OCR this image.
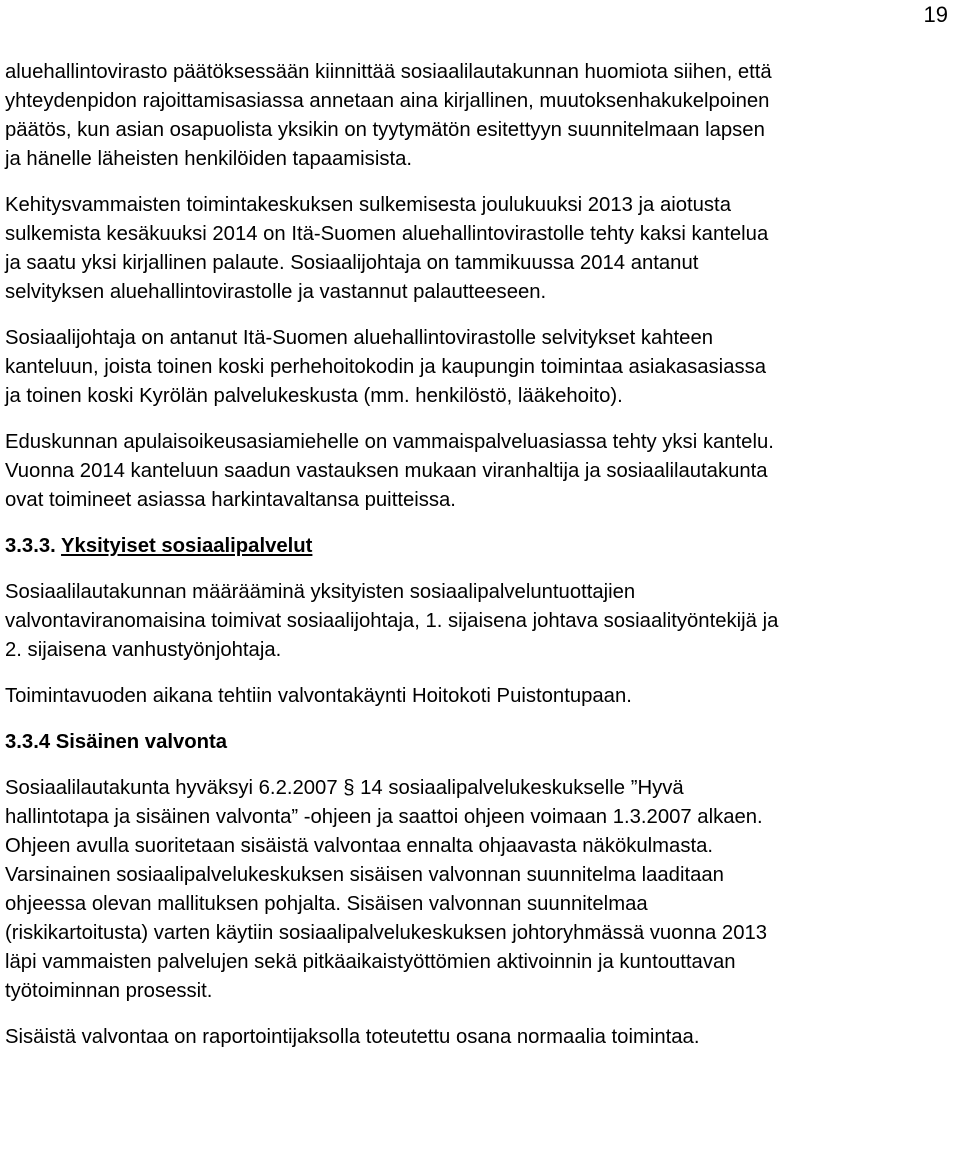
19
aluehallintovirasto päätöksessään kiinnittää sosiaalilautakunnan huomiota siihen, että
yhteydenpidon rajoittamisasiassa annetaan aina kirjallinen, muutoksenhakukelpoinen
päätös, kun asian osapuolista yksikin on tyytymätön esitettyyn suunnitelmaan lapsen
ja hänelle läheisten henkilöiden tapaamisista.
Kehitysvammaisten toimintakeskuksen sulkemisesta joulukuuksi 2013 ja aiotusta
sulkemista kesäkuuksi 2014 on Itä-Suomen aluehallintovirastolle tehty kaksi kantelua
ja saatu yksi kirjallinen palaute. Sosiaalijohtaja on tammikuussa 2014 antanut
selvityksen aluehallintovirastolle ja vastannut palautteeseen.
Sosiaalijohtaja on antanut Itä-Suomen aluehallintovirastolle selvitykset kahteen
kanteluun, joista toinen koski perhehoitokodin ja kaupungin toimintaa asiakasasiassa
ja toinen koski Kyrölän palvelukeskusta (mm. henkilöstö, lääkehoito).
Eduskunnan apulaisoikeusasiamiehelle on vammaispalveluasiassa tehty yksi kantelu.
Vuonna 2014 kanteluun saadun vastauksen mukaan viranhaltija ja sosiaalilautakunta
ovat toimineet asiassa harkintavaltansa puitteissa.
3.3.3. Yksityiset sosiaalipalvelut
Sosiaalilautakunnan määrääminä yksityisten sosiaalipalveluntuottajien
valvontaviranomaisina toimivat sosiaalijohtaja, 1. sijaisena johtava sosiaalityöntekijä ja
2. sijaisena vanhustyönjohtaja.
Toimintavuoden aikana tehtiin valvontakäynti Hoitokoti Puistontupaan.
3.3.4 Sisäinen valvonta
Sosiaalilautakunta hyväksyi 6.2.2007 § 14 sosiaalipalvelukeskukselle ”Hyvä
hallintotapa ja sisäinen valvonta” -ohjeen ja saattoi ohjeen voimaan 1.3.2007 alkaen.
Ohjeen avulla suoritetaan sisäistä valvontaa ennalta ohjaavasta näkökulmasta.
Varsinainen sosiaalipalvelukeskuksen sisäisen valvonnan suunnitelma laaditaan
ohjeessa olevan mallituksen pohjalta. Sisäisen valvonnan suunnitelmaa
(riskikartoitusta) varten käytiin sosiaalipalvelukeskuksen johtoryhmässä vuonna 2013
läpi vammaisten palvelujen sekä pitkäaikaistyöttömien aktivoinnin ja kuntouttavan
työtoiminnan prosessit.
Sisäistä valvontaa on raportointijaksolla toteutettu osana normaalia toimintaa.
